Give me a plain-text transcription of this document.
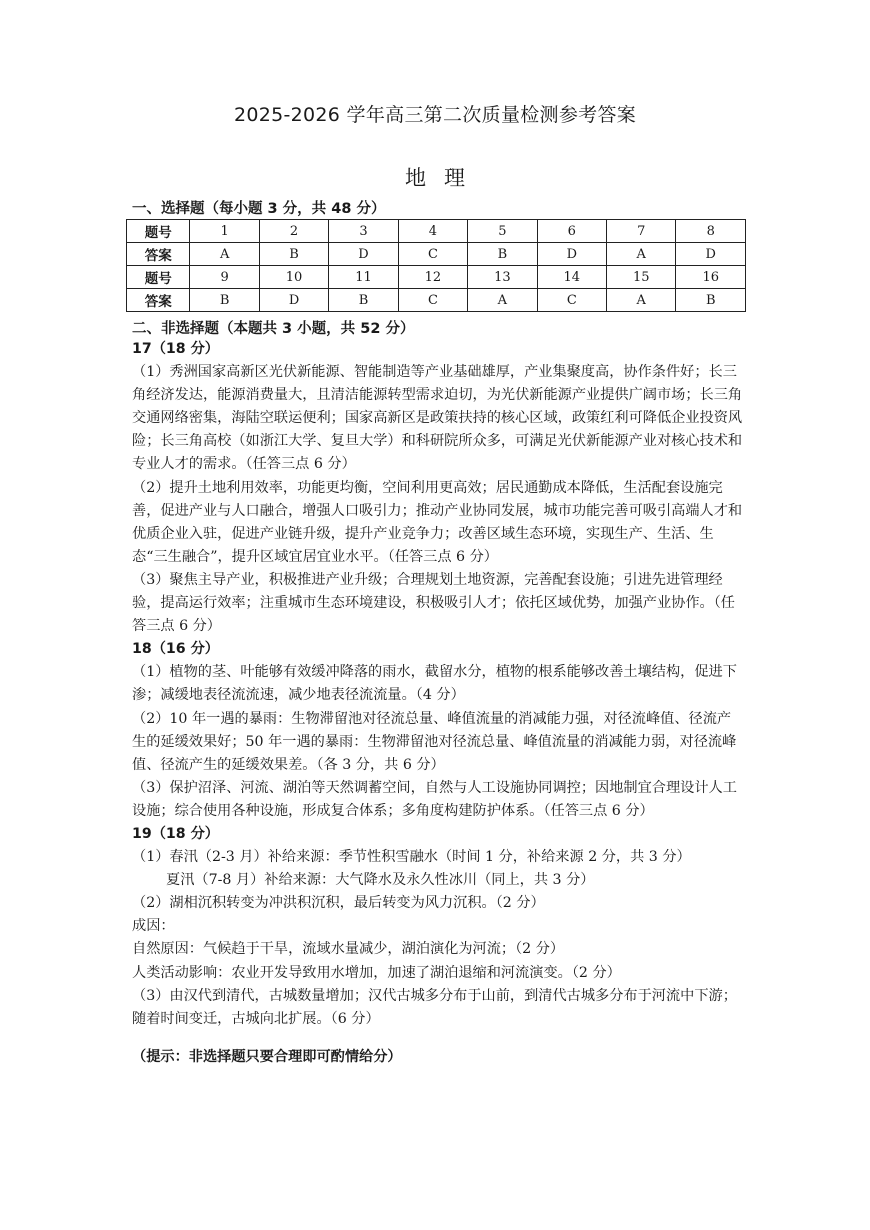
2025-2026 学年高三第二次质量检测参考答案
地理
一、选择题（每小题 3 分，共 48 分）
题号	1	2	3	4	5	6	7	8
答案	A	B	D	C	B	D	A	D
题号	9	10	11	12	13	14	15	16
答案	B	D	B	C	A	C	A	B
二、非选择题（本题共 3 小题，共 52 分）

17（18 分）

（1）秀洲国家高新区光伏新能源、智能制造等产业基础雄厚，产业集聚度高，协作条件好；长三角经济发达，能源消费量大，且清洁能源转型需求迫切，为光伏新能源产业提供广阔市场；长三角交通网络密集，海陆空联运便利；国家高新区是政策扶持的核心区域，政策红利可降低企业投资风险；长三角高校（如浙江大学、复旦大学）和科研院所众多，可满足光伏新能源产业对核心技术和专业人才的需求。（任答三点 6 分）

（2）提升土地利用效率，功能更均衡，空间利用更高效；居民通勤成本降低，生活配套设施完善，促进产业与人口融合，增强人口吸引力；推动产业协同发展，城市功能完善可吸引高端人才和优质企业入驻，促进产业链升级，提升产业竞争力；改善区域生态环境，实现生产、生活、生态“三生融合”，提升区域宜居宜业水平。（任答三点 6 分）

（3）聚焦主导产业，积极推进产业升级；合理规划土地资源，完善配套设施；引进先进管理经验，提高运行效率；注重城市生态环境建设，积极吸引人才；依托区域优势，加强产业协作。（任答三点 6 分）

18（16 分）

（1）植物的茎、叶能够有效缓冲降落的雨水，截留水分，植物的根系能够改善土壤结构，促进下渗；减缓地表径流流速，减少地表径流流量。（4 分）

（2）10 年一遇的暴雨：生物滞留池对径流总量、峰值流量的消减能力强，对径流峰值、径流产生的延缓效果好；50 年一遇的暴雨：生物滞留池对径流总量、峰值流量的消减能力弱，对径流峰值、径流产生的延缓效果差。（各 3 分，共 6 分）

（3）保护沼泽、河流、湖泊等天然调蓄空间，自然与人工设施协同调控；因地制宜合理设计人工设施；综合使用各种设施，形成复合体系；多角度构建防护体系。（任答三点 6 分）

19（18 分）

（1）春汛（2-3 月）补给来源：季节性积雪融水（时间 1 分，补给来源 2 分，共 3 分）

夏汛（7-8 月）补给来源：大气降水及永久性冰川（同上，共 3 分）

（2）湖相沉积转变为冲洪积沉积，最后转变为风力沉积。（2 分）

成因：

自然原因：气候趋于干旱，流域水量减少，湖泊演化为河流；（2 分）

人类活动影响：农业开发导致用水增加，加速了湖泊退缩和河流演变。（2 分）

（3）由汉代到清代，古城数量增加；汉代古城多分布于山前，到清代古城多分布于河流中下游；随着时间变迁，古城向北扩展。（6 分）

（提示：非选择题只要合理即可酌情给分）
